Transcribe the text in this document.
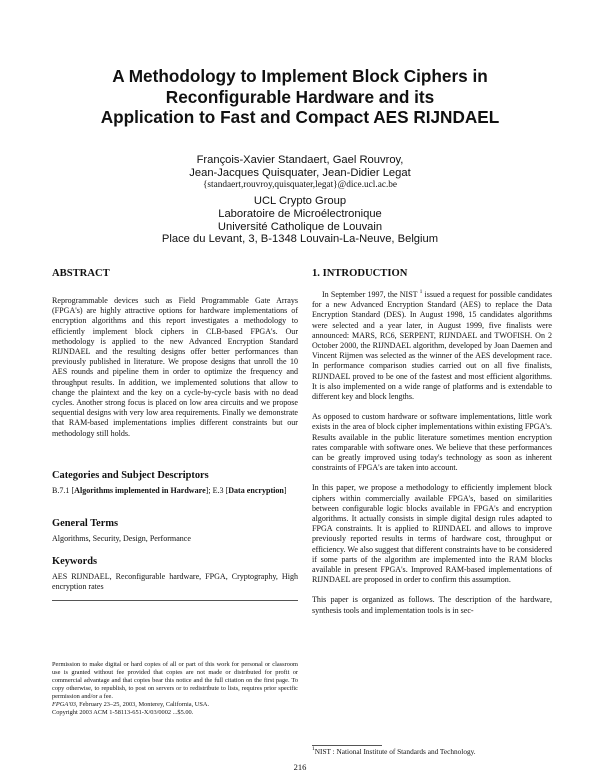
A Methodology to Implement Block Ciphers in
Reconfigurable Hardware and its
Application to Fast and Compact AES RIJNDAEL
François-Xavier Standaert, Gael Rouvroy,
Jean-Jacques Quisquater, Jean-Didier Legat
{standaert,rouvroy,quisquater,legat}@dice.ucl.ac.be
UCL Crypto Group
Laboratoire de Microélectronique
Université Catholique de Louvain
Place du Levant, 3, B-1348 Louvain-La-Neuve, Belgium
ABSTRACT

Reprogrammable devices such as Field Programmable Gate Arrays (FPGA's) are highly attractive options for hardware implementations of encryption algorithms and this report investigates a methodology to efficiently implement block ciphers in CLB-based FPGA's. Our methodology is applied to the new Advanced Encryption Standard RIJNDAEL and the resulting designs offer better performances than previously published in literature. We propose designs that unroll the 10 AES rounds and pipeline them in order to optimize the frequency and throughput results. In addition, we implemented solutions that allow to change the plaintext and the key on a cycle-by-cycle basis with no dead cycles. Another strong focus is placed on low area circuits and we propose sequential designs with very low area requirements. Finally we demonstrate that RAM-based implementations implies different constraints but our methodology still holds.

Categories and Subject Descriptors

B.7.1 [Algorithms implemented in Hardware]; E.3 [Data encryption]

General Terms

Algorithms, Security, Design, Performance

Keywords

AES RIJNDAEL, Reconfigurable hardware, FPGA, Cryptography, High encryption rates

Permission to make digital or hard copies of all or part of this work for personal or classroom use is granted without fee provided that copies are not made or distributed for profit or commercial advantage and that copies bear this notice and the full citation on the first page. To copy otherwise, to republish, to post on servers or to redistribute to lists, requires prior specific permission and/or a fee.

FPGA'03, February 23–25, 2003, Monterey, California, USA.

Copyright 2003 ACM 1-58113-651-X/03/0002 ...$5.00.

1. INTRODUCTION

In September 1997, the NIST $^1$ issued a request for possible candidates for a new Advanced Encryption Standard (AES) to replace the Data Encryption Standard (DES). In August 1998, 15 candidates algorithms were selected and a year later, in August 1999, five finalists were announced: MARS, RC6, SERPENT, RIJNDAEL and TWOFISH. On 2 October 2000, the RIJNDAEL algorithm, developed by Joan Daemen and Vincent Rijmen was selected as the winner of the AES development race. In performance comparison studies carried out on all five finalists, RIJNDAEL proved to be one of the fastest and most efficient algorithms. It is also implemented on a wide range of platforms and is extendable to different key and block lengths.

As opposed to custom hardware or software implementations, little work exists in the area of block cipher implementations within existing FPGA's. Results available in the public literature sometimes mention encryption rates comparable with software ones. We believe that these performances can be greatly improved using today's technology as soon as inherent constraints of FPGA's are taken into account.

In this paper, we propose a methodology to efficiently implement block ciphers within commercially available FPGA's, based on similarities between configurable logic blocks available in FPGA's and encryption algorithms. It actually consists in simple digital design rules adapted to FPGA constraints. It is applied to RIJNDAEL and allows to improve previously reported results in terms of hardware cost, throughput or efficiency. We also suggest that different constraints have to be considered if some parts of the algorithm are implemented into the RAM blocks available in present FPGA's. Improved RAM-based implementations of RIJNDAEL are proposed in order to confirm this assumption.

This paper is organized as follows. The description of the hardware, synthesis tools and implementation tools is in sec-

$^1$NIST : National Institute of Standards and Technology.

216
